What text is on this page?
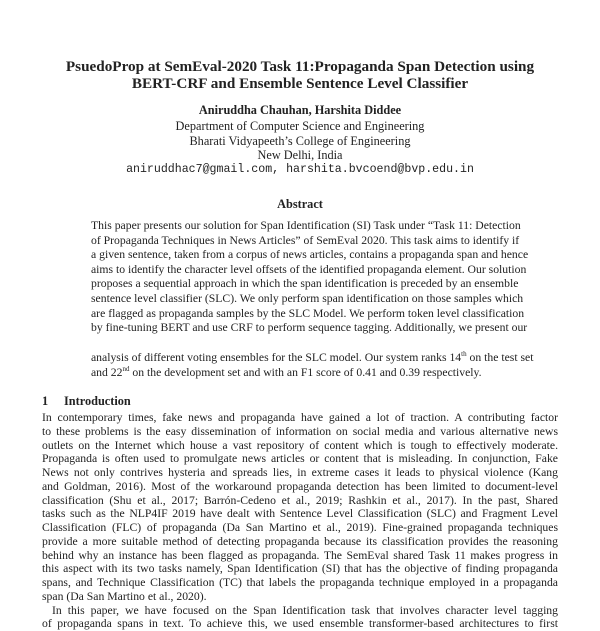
PsuedoProp at SemEval-2020 Task 11:Propaganda Span Detection using
BERT-CRF and Ensemble Sentence Level Classifier
Aniruddha Chauhan, Harshita Diddee
Department of Computer Science and Engineering
Bharati Vidyapeeth’s College of Engineering
New Delhi, India
aniruddhac7@gmail.com, harshita.bvcoend@bvp.edu.in
Abstract
This paper presents our solution for Span Identification (SI) Task under “Task 11: Detection
of Propaganda Techniques in News Articles” of SemEval 2020. This task aims to identify if
a given sentence, taken from a corpus of news articles, contains a propaganda span and hence
aims to identify the character level offsets of the identified propaganda element. Our solution
proposes a sequential approach in which the span identification is preceded by an ensemble
sentence level classifier (SLC). We only perform span identification on those samples which
are flagged as propaganda samples by the SLC Model. We perform token level classification
by fine-tuning BERT and use CRF to perform sequence tagging. Additionally, we present our
analysis of different voting ensembles for the SLC model. Our system ranks 14th on the test set
and 22nd on the development set and with an F1 score of 0.41 and 0.39 respectively.
1 Introduction
In contemporary times, fake news and propaganda have gained a lot of traction. A contributing factor
to these problems is the easy dissemination of information on social media and various alternative news
outlets on the Internet which house a vast repository of content which is tough to effectively moderate.
Propaganda is often used to promulgate news articles or content that is misleading. In conjunction, Fake
News not only contrives hysteria and spreads lies, in extreme cases it leads to physical violence (Kang
and Goldman, 2016). Most of the workaround propaganda detection has been limited to document-level
classification (Shu et al., 2017; Barrón-Cedeno et al., 2019; Rashkin et al., 2017). In the past, Shared
tasks such as the NLP4IF 2019 have dealt with Sentence Level Classification (SLC) and Fragment Level
Classification (FLC) of propaganda (Da San Martino et al., 2019). Fine-grained propaganda techniques
provide a more suitable method of detecting propaganda because its classification provides the reasoning
behind why an instance has been flagged as propaganda. The SemEval shared Task 11 makes progress in
this aspect with its two tasks namely, Span Identification (SI) that has the objective of finding propaganda
spans, and Technique Classification (TC) that labels the propaganda technique employed in a propaganda
span (Da San Martino et al., 2020).
In this paper, we have focused on the Span Identification task that involves character level tagging
of propaganda spans in text. To achieve this, we used ensemble transformer-based architectures to first
